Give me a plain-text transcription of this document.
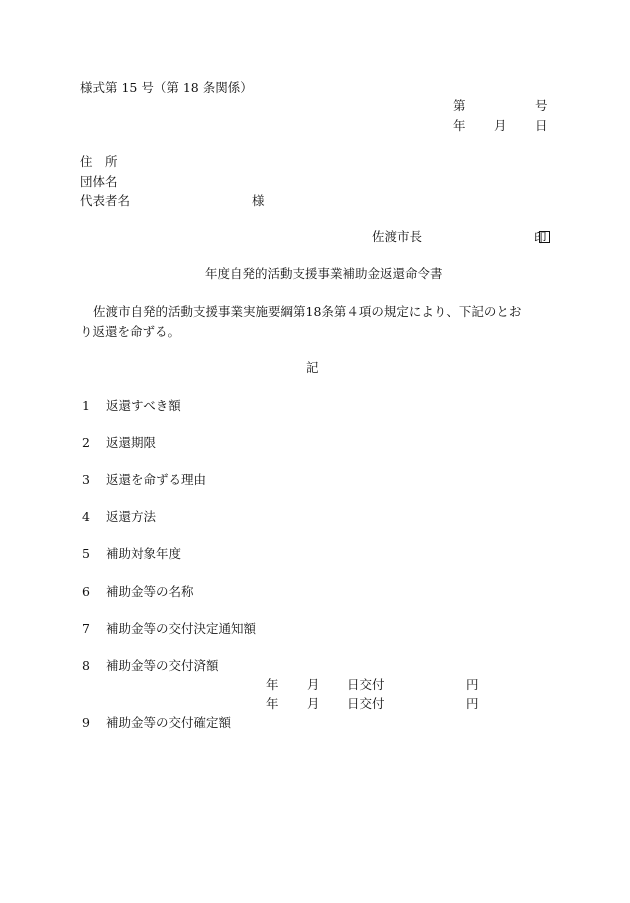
様式第 15 号（第 18 条関係）
第	号
年 月 日
住　所
団体名
代表者名	様
佐渡市長	印
年度自発的活動支援事業補助金返還命令書
佐渡市自発的活動支援事業実施要綱第18条第４項の規定により、下記のとお
り返還を命ずる。
記
1 返還すべき額
2 返還期限
3 返還を命ずる理由
4 返還方法
5 補助対象年度
6 補助金等の名称
7 補助金等の交付決定通知額
8 補助金等の交付済額
年 月 日交付	円
年 月 日交付	円
9 補助金等の交付確定額
